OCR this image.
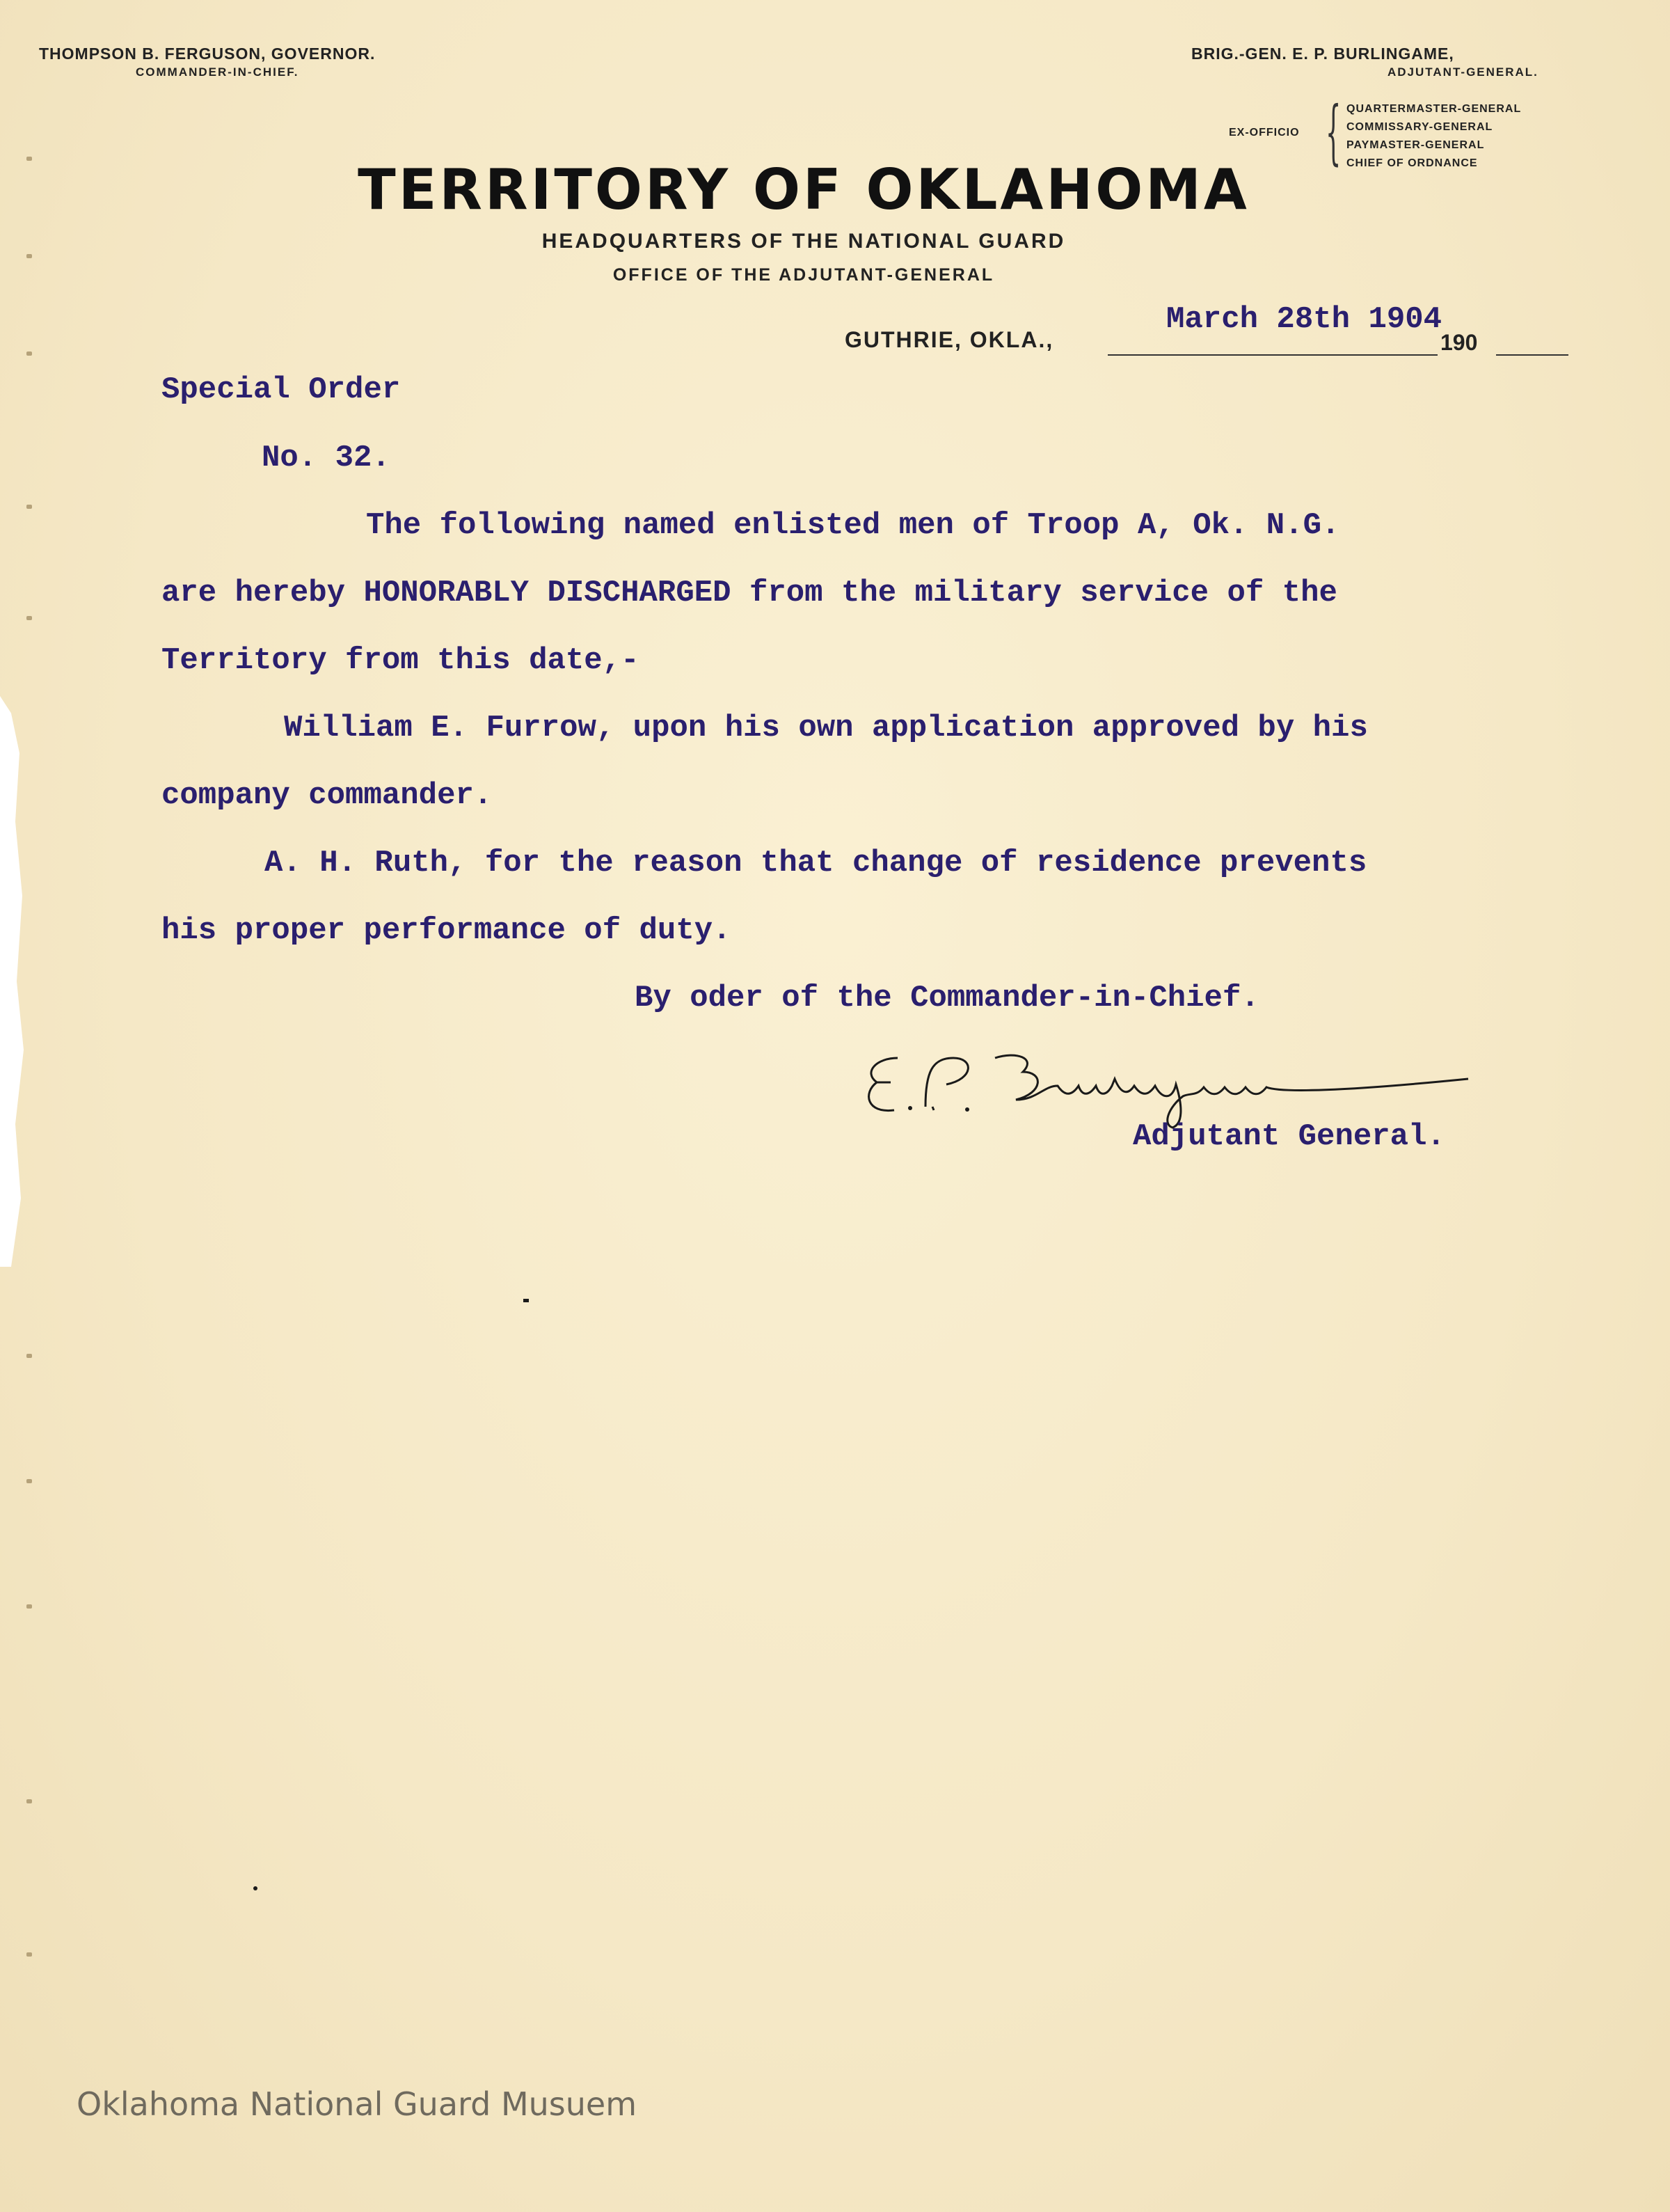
THOMPSON B. FERGUSON, GOVERNOR.
COMMANDER-IN-CHIEF.
BRIG.-GEN. E. P. BURLINGAME,
ADJUTANT-GENERAL.
EX-OFFICIO { QUARTERMASTER-GENERAL
COMMISSARY-GENERAL
PAYMASTER-GENERAL
CHIEF OF ORDNANCE
TERRITORY OF OKLAHOMA
HEADQUARTERS OF THE NATIONAL GUARD
OFFICE OF THE ADJUTANT-GENERAL
GUTHRIE, OKLA.,	190
March 28th 1904
Special Order
No. 32.
The following named enlisted men of Troop A, Ok. N.G.
are hereby HONORABLY DISCHARGED from the military service of the
Territory from this date,-
William E. Furrow, upon his own application approved by his
company commander.
A. H. Ruth, for the reason that change of residence prevents
his proper performance of duty.
By oder of the Commander-in-Chief.
Adjutant General.
Oklahoma National Guard Musuem
